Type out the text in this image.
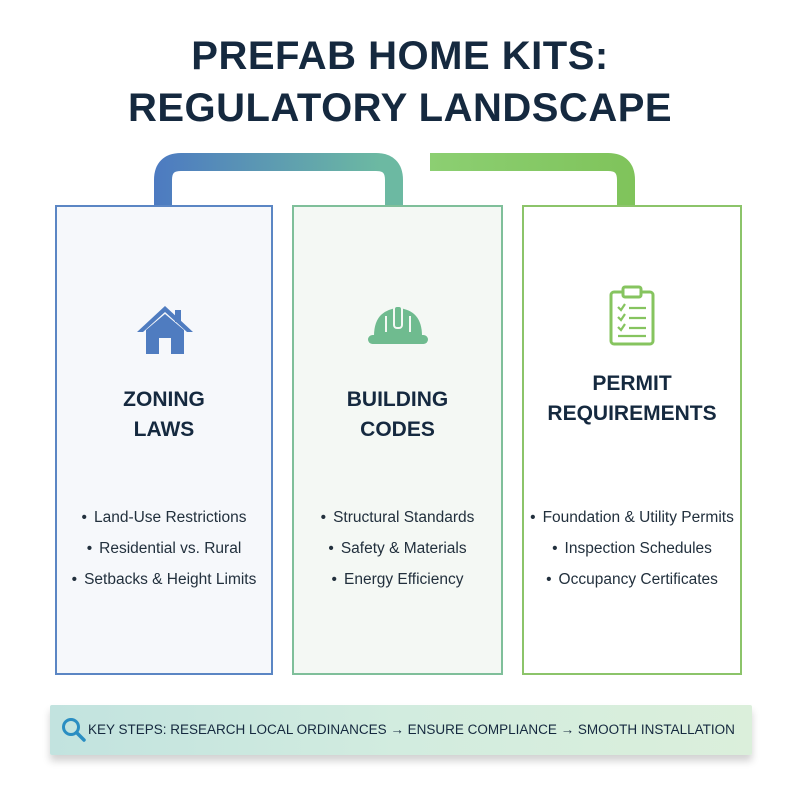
PREFAB HOME KITS:
REGULATORY LANDSCAPE
ZONING
LAWS
• Land-Use Restrictions
• Residential vs. Rural
• Setbacks & Height Limits
BUILDING
CODES
• Structural Standards
• Safety & Materials
• Energy Efficiency
PERMIT
REQUIREMENTS
• Foundation & Utility Permits
• Inspection Schedules
• Occupancy Certificates
KEY STEPS: RESEARCH LOCAL ORDINANCES → ENSURE COMPLIANCE → SMOOTH INSTALLATION
